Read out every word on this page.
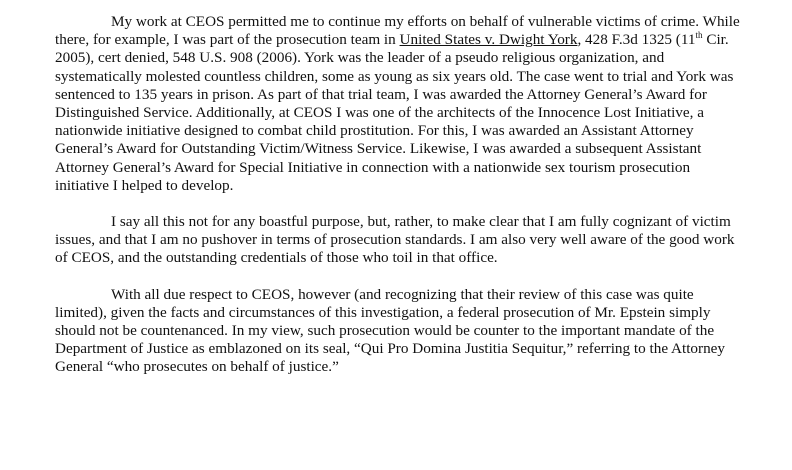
My work at CEOS permitted me to continue my efforts on behalf of vulnerable victims of crime. While there, for example, I was part of the prosecution team in United States v. Dwight York, 428 F.3d 1325 (11th Cir. 2005), cert denied, 548 U.S. 908 (2006). York was the leader of a pseudo religious organization, and systematically molested countless children, some as young as six years old. The case went to trial and York was sentenced to 135 years in prison. As part of that trial team, I was awarded the Attorney General’s Award for Distinguished Service. Additionally, at CEOS I was one of the architects of the Innocence Lost Initiative, a nationwide initiative designed to combat child prostitution. For this, I was awarded an Assistant Attorney General’s Award for Outstanding Victim/Witness Service. Likewise, I was awarded a subsequent Assistant Attorney General’s Award for Special Initiative in connection with a nationwide sex tourism prosecution initiative I helped to develop.

I say all this not for any boastful purpose, but, rather, to make clear that I am fully cognizant of victim issues, and that I am no pushover in terms of prosecution standards. I am also very well aware of the good work of CEOS, and the outstanding credentials of those who toil in that office.

With all due respect to CEOS, however (and recognizing that their review of this case was quite limited), given the facts and circumstances of this investigation, a federal prosecution of Mr. Epstein simply should not be countenanced. In my view, such prosecution would be counter to the important mandate of the Department of Justice as emblazoned on its seal, “Qui Pro Domina Justitia Sequitur,” referring to the Attorney General “who prosecutes on behalf of justice.”
